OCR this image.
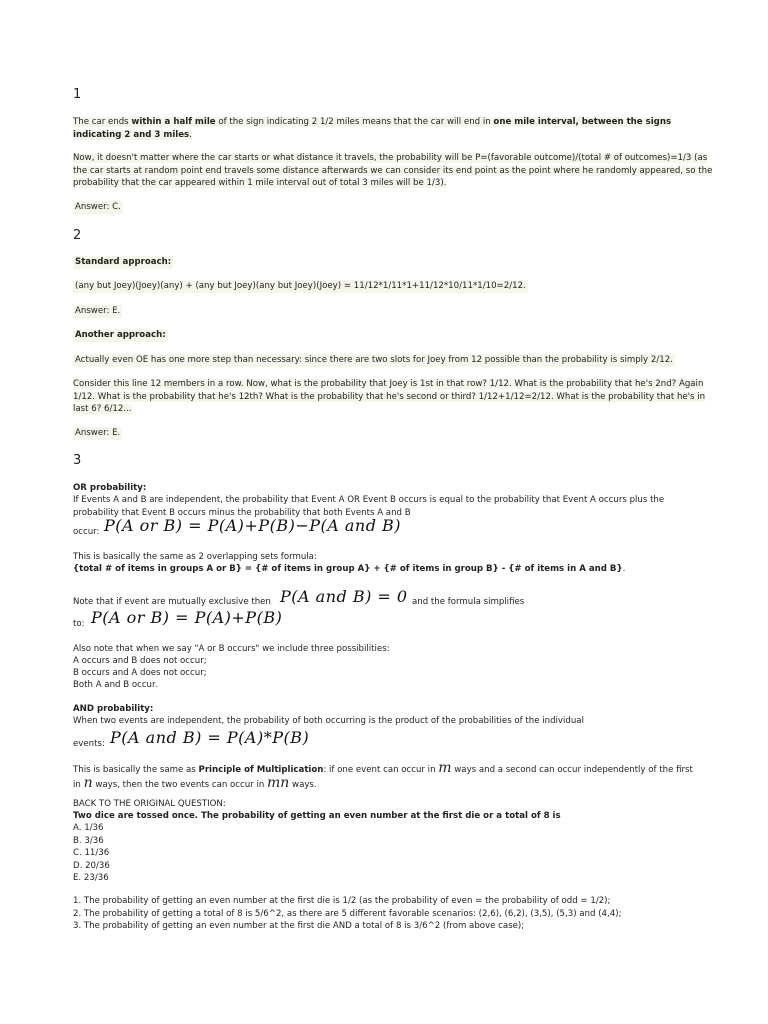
1
The car ends within a half mile of the sign indicating 2 1/2 miles means that the car will end in one mile interval, between the signs indicating 2 and 3 miles.
Now, it doesn't matter where the car starts or what distance it travels, the probability will be P=(favorable outcome)/(total # of outcomes)=1/3 (as the car starts at random point end travels some distance afterwards we can consider its end point as the point where he randomly appeared, so the probability that the car appeared within 1 mile interval out of total 3 miles will be 1/3).
Answer: C.
2
Standard approach:
(any but Joey)(Joey)(any) + (any but Joey)(any but Joey)(Joey) = 11/12*1/11*1+11/12*10/11*1/10=2/12.
Answer: E.
Another approach:
Actually even OE has one more step than necessary: since there are two slots for Joey from 12 possible than the probability is simply 2/12.
Consider this line 12 members in a row. Now, what is the probability that Joey is 1st in that row? 1/12. What is the probability that he's 2nd? Again 1/12. What is the probability that he's 12th? What is the probability that he's second or third? 1/12+1/12=2/12. What is the probability that he's in last 6? 6/12...
Answer: E.
3
OR probability:
If Events A and B are independent, the probability that Event A OR Event B occurs is equal to the probability that Event A occurs plus the probability that Event B occurs minus the probability that both Events A and B
occur: P(A or B) = P(A)+P(B)−P(A and B)
This is basically the same as 2 overlapping sets formula:
{total # of items in groups A or B} = {# of items in group A} + {# of items in group B} - {# of items in A and B}.
Note that if event are mutually exclusive then P(A and B) = 0 and the formula simplifies
to: P(A or B) = P(A)+P(B)
Also note that when we say "A or B occurs" we include three possibilities:
A occurs and B does not occur;
B occurs and A does not occur;
Both A and B occur.
AND probability:
When two events are independent, the probability of both occurring is the product of the probabilities of the individual
events: P(A and B) = P(A)*P(B)
This is basically the same as Principle of Multiplication: if one event can occur in m ways and a second can occur independently of the first
in n ways, then the two events can occur in mn ways.
BACK TO THE ORIGINAL QUESTION:
Two dice are tossed once. The probability of getting an even number at the first die or a total of 8 is
A. 1/36
B. 3/36
C. 11/36
D. 20/36
E. 23/36
1. The probability of getting an even number at the first die is 1/2 (as the probability of even = the probability of odd = 1/2);
2. The probability of getting a total of 8 is 5/6^2, as there are 5 different favorable scenarios: (2,6), (6,2), (3,5), (5,3) and (4,4);
3. The probability of getting an even number at the first die AND a total of 8 is 3/6^2 (from above case);
